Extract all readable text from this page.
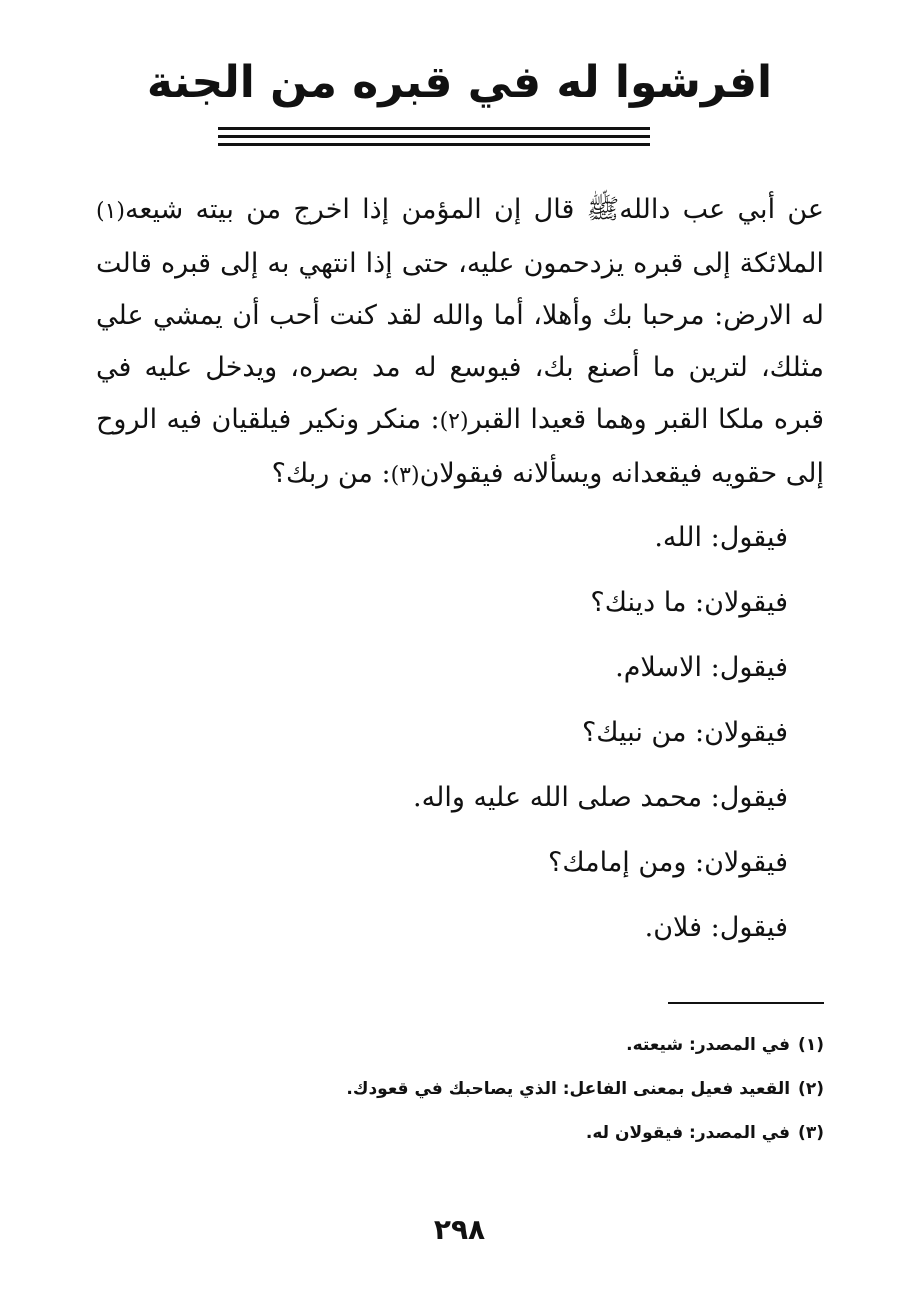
افرشوا له في قبره من الجنة

عن أبي عب داللهﷺ قال إن المؤمن إذا اخرج من بيته شيعه(١) الملائكة إلى قبره يزدحمون عليه، حتى إذا انتهي به إلى قبره قالت له الارض: مرحبا بك وأهلا، أما والله لقد كنت أحب أن يمشي علي مثلك، لترين ما أصنع بك، فيوسع له مد بصره، ويدخل عليه في قبره ملكا القبر وهما قعيدا القبر(٢): منكر ونكير فيلقيان فيه الروح إلى حقويه فيقعدانه ويسألانه فيقولان(٣): من ربك؟

فيقول: الله.
فيقولان: ما دينك؟
فيقول: الاسلام.
فيقولان: من نبيك؟
فيقول: محمد صلى الله عليه واله.
فيقولان: ومن إمامك؟
فيقول: فلان.
(١)في المصدر: شيعته.
(٢)القعيد فعيل بمعنى الفاعل: الذي يصاحبك في قعودك.
(٣)في المصدر: فيقولان له.
٢٩٨
